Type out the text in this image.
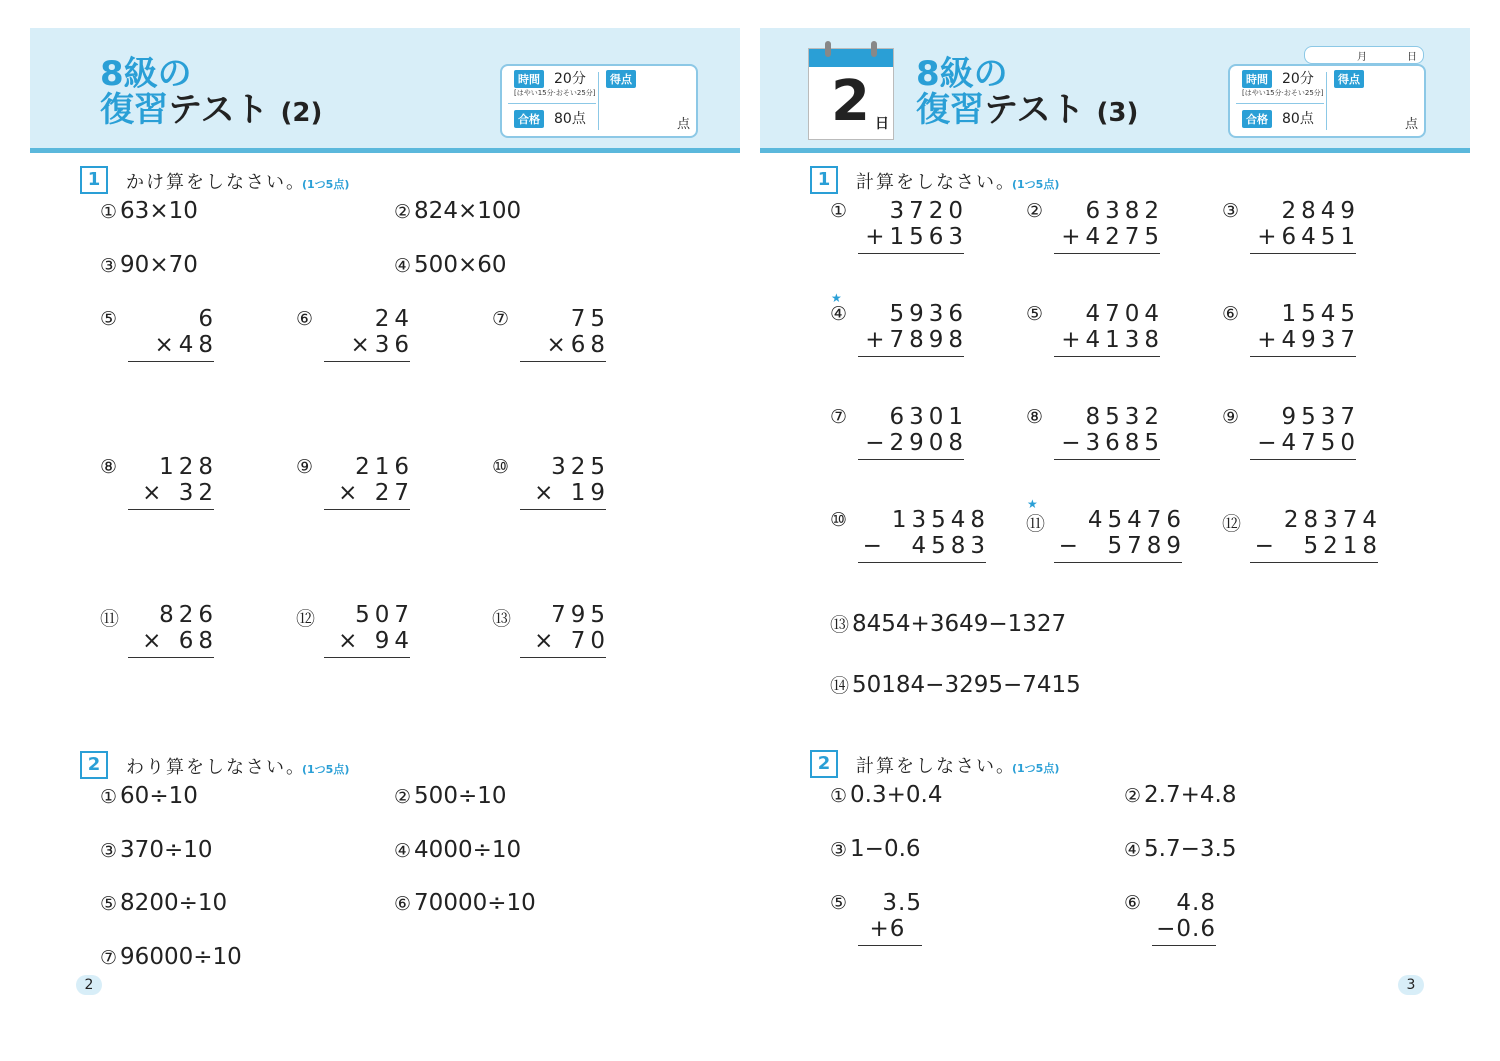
8級の
復習テスト (2)
時間 20分
[はやい15分·おそい25分]
合格 80点
得点
点
1	かけ算をしなさい。
(1つ5点)
① 63×10	② 824×100
③ 90×70	④ 500×60
⑤	6
×48
⑥	24
×36
⑦	75
×68
⑧	128
× 32
⑨	216
× 27
⑩	325
× 19
⑪	826
× 68
⑫	507
× 94
⑬	795
× 70
2	わり算をしなさい。
(1つ5点)
① 60÷10	② 500÷10
③ 370÷10	④ 4000÷10
⑤ 8200÷10	⑥ 70000÷10
⑦ 96000÷10
2
2 日
月	日
8級の
復習テスト (3)
時間 20分
[はやい15分·おそい25分]
合格 80点
得点
点
1	計算をしなさい。
(1つ5点)
①	3720
+1563
②	6382
+4275
③	2849
+6451
★
④	5936
+7898
⑤	4704
+4138
⑥	1545
+4937
⑦	6301
−2908
⑧	8532
−3685
⑨	9537
−4750
⑩	13548
−  4583
★
⑪	45476
−  5789
⑫	28374
−  5218
⑬ 8454+3649−1327
⑭ 50184−3295−7415
2	計算をしなさい。
(1つ5点)
① 0.3+0.4	② 2.7+4.8
③ 1−0.6	④ 5.7−3.5
⑤	3.5
+6
⑥	4.8
−0.6
3
